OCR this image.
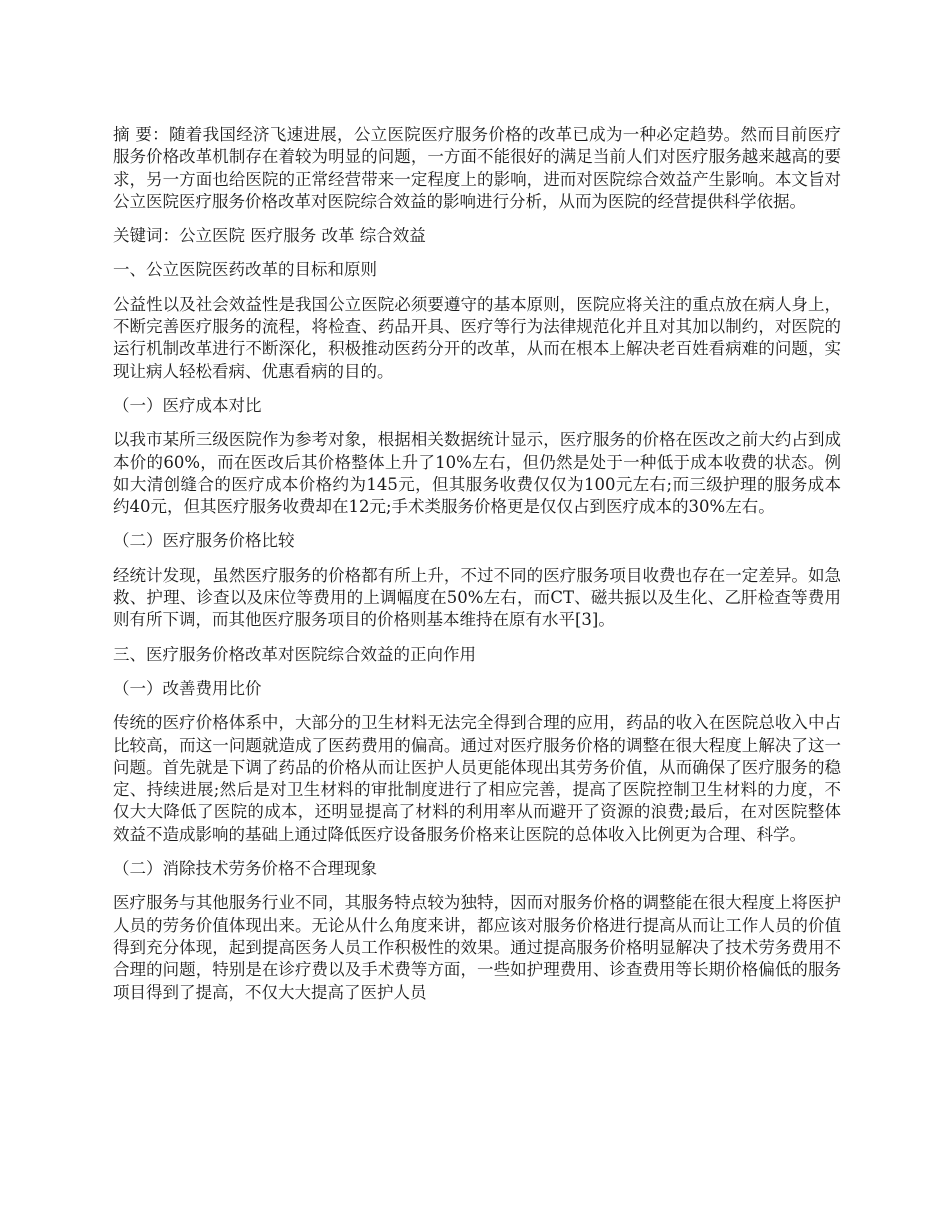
摘 要：随着我国经济飞速进展，公立医院医疗服务价格的改革已成为一种必定趋势。然而目前医疗服务价格改革机制存在着较为明显的问题，一方面不能很好的满足当前人们对医疗服务越来越高的要求，另一方面也给医院的正常经营带来一定程度上的影响，进而对医院综合效益产生影响。本文旨对公立医院医疗服务价格改革对医院综合效益的影响进行分析，从而为医院的经营提供科学依据。

关键词：公立医院 医疗服务 改革 综合效益

一、公立医院医药改革的目标和原则

公益性以及社会效益性是我国公立医院必须要遵守的基本原则，医院应将关注的重点放在病人身上，不断完善医疗服务的流程，将检查、药品开具、医疗等行为法律规范化并且对其加以制约，对医院的运行机制改革进行不断深化，积极推动医药分开的改革，从而在根本上解决老百姓看病难的问题，实现让病人轻松看病、优惠看病的目的。

（一）医疗成本对比

以我市某所三级医院作为参考对象，根据相关数据统计显示，医疗服务的价格在医改之前大约占到成本价的60%，而在医改后其价格整体上升了10%左右，但仍然是处于一种低于成本收费的状态。例如大清创缝合的医疗成本价格约为145元，但其服务收费仅仅为100元左右;而三级护理的服务成本约40元，但其医疗服务收费却在12元;手术类服务价格更是仅仅占到医疗成本的30%左右。

（二）医疗服务价格比较

经统计发现，虽然医疗服务的价格都有所上升，不过不同的医疗服务项目收费也存在一定差异。如急救、护理、诊查以及床位等费用的上调幅度在50%左右，而CT、磁共振以及生化、乙肝检查等费用则有所下调，而其他医疗服务项目的价格则基本维持在原有水平[3]。

三、医疗服务价格改革对医院综合效益的正向作用

（一）改善费用比价

传统的医疗价格体系中，大部分的卫生材料无法完全得到合理的应用，药品的收入在医院总收入中占比较高，而这一问题就造成了医药费用的偏高。通过对医疗服务价格的调整在很大程度上解决了这一问题。首先就是下调了药品的价格从而让医护人员更能体现出其劳务价值，从而确保了医疗服务的稳定、持续进展;然后是对卫生材料的审批制度进行了相应完善，提高了医院控制卫生材料的力度，不仅大大降低了医院的成本，还明显提高了材料的利用率从而避开了资源的浪费;最后，在对医院整体效益不造成影响的基础上通过降低医疗设备服务价格来让医院的总体收入比例更为合理、科学。

（二）消除技术劳务价格不合理现象

医疗服务与其他服务行业不同，其服务特点较为独特，因而对服务价格的调整能在很大程度上将医护人员的劳务价值体现出来。无论从什么角度来讲，都应该对服务价格进行提高从而让工作人员的价值得到充分体现，起到提高医务人员工作积极性的效果。通过提高服务价格明显解决了技术劳务费用不合理的问题，特别是在诊疗费以及手术费等方面，一些如护理费用、诊查费用等长期价格偏低的服务项目得到了提高，不仅大大提高了医护人员
